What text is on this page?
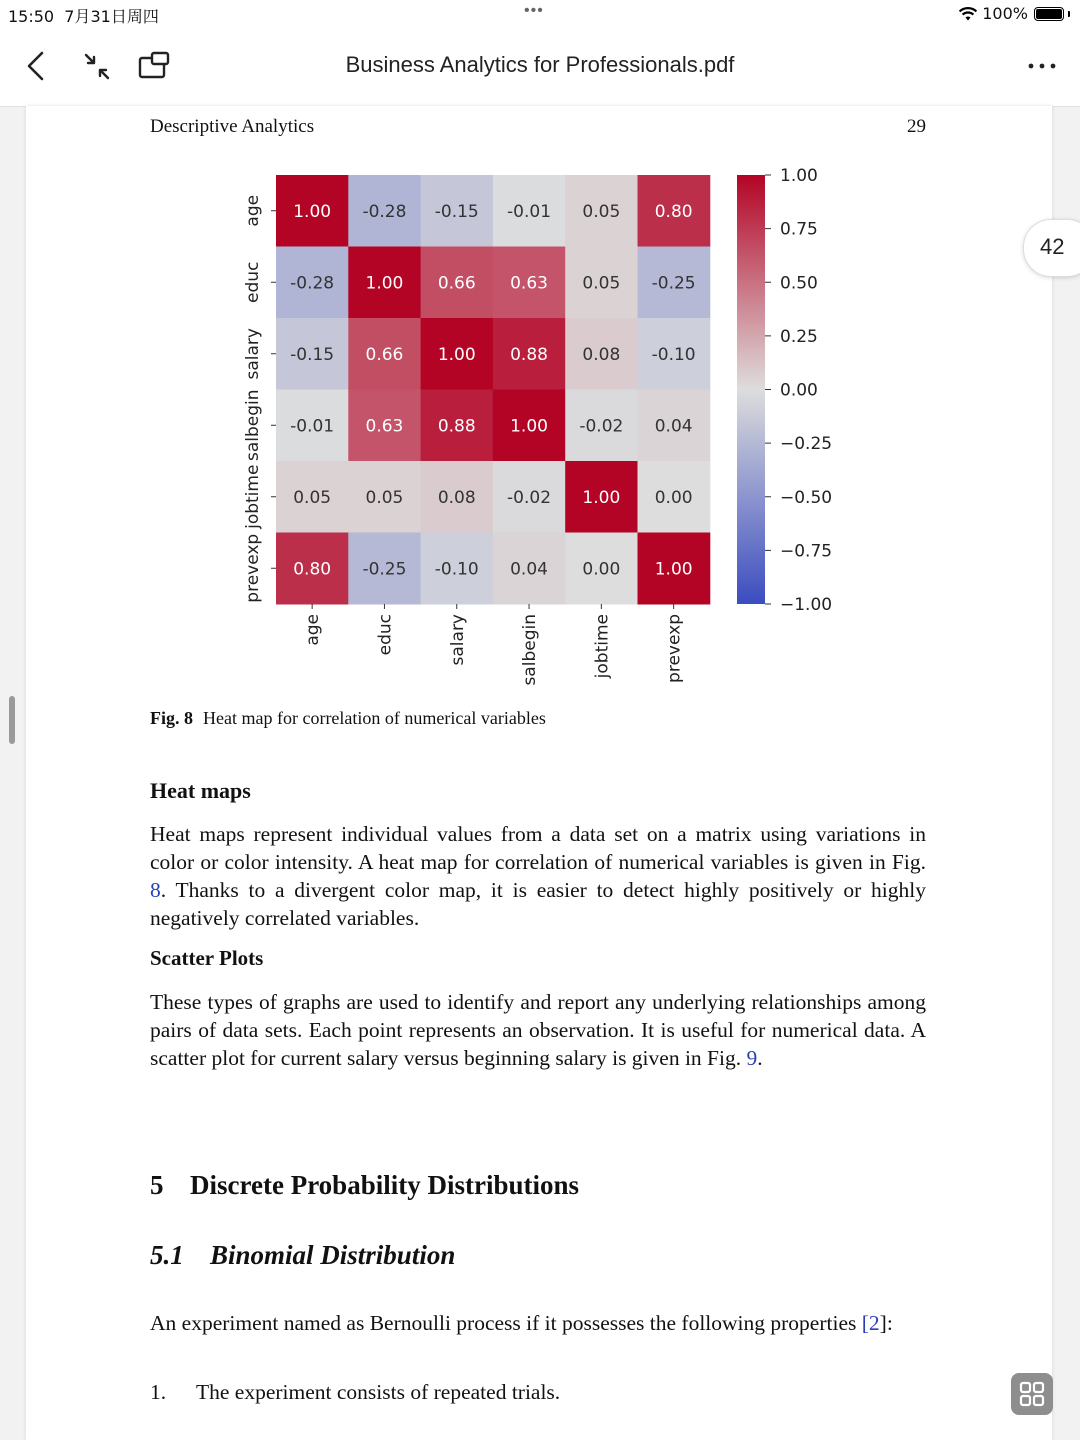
15:50 7月31日周四	•••	100%
Business Analytics for Professionals.pdf
Descriptive Analytics	29
1.00 -0.28 -0.15 -0.01 0.05 0.80
-0.28 1.00 0.66 0.63 0.05 -0.25
-0.15 0.66 1.00 0.88 0.08 -0.10
-0.01 0.63 0.88 1.00 -0.02 0.04
0.05 0.05 0.08 -0.02 1.00 0.00
0.80 -0.25 -0.10 0.04 0.00 1.00
age
educ
salary
salbegin
jobtime
prevexp
age	educ	salary	salbegin	jobtime	prevexp
1.00
0.75
0.50
0.25
0.00
−0.25
−0.50
−0.75
−1.00
Fig. 8 Heat map for correlation of numerical variables
Heat maps
Heat maps represent individual values from a data set on a matrix using variations in color or color intensity. A heat map for correlation of numerical variables is given in Fig. 8. Thanks to a divergent color map, it is easier to detect highly positively or highly negatively correlated variables.
Scatter Plots
These types of graphs are used to identify and report any underlying relationships among pairs of data sets. Each point represents an observation. It is useful for numerical data. A scatter plot for current salary versus beginning salary is given in Fig. 9.
5 Discrete Probability Distributions
5.1 Binomial Distribution
An experiment named as Bernoulli process if it possesses the following properties [2]:
1. The experiment consists of repeated trials.
42
